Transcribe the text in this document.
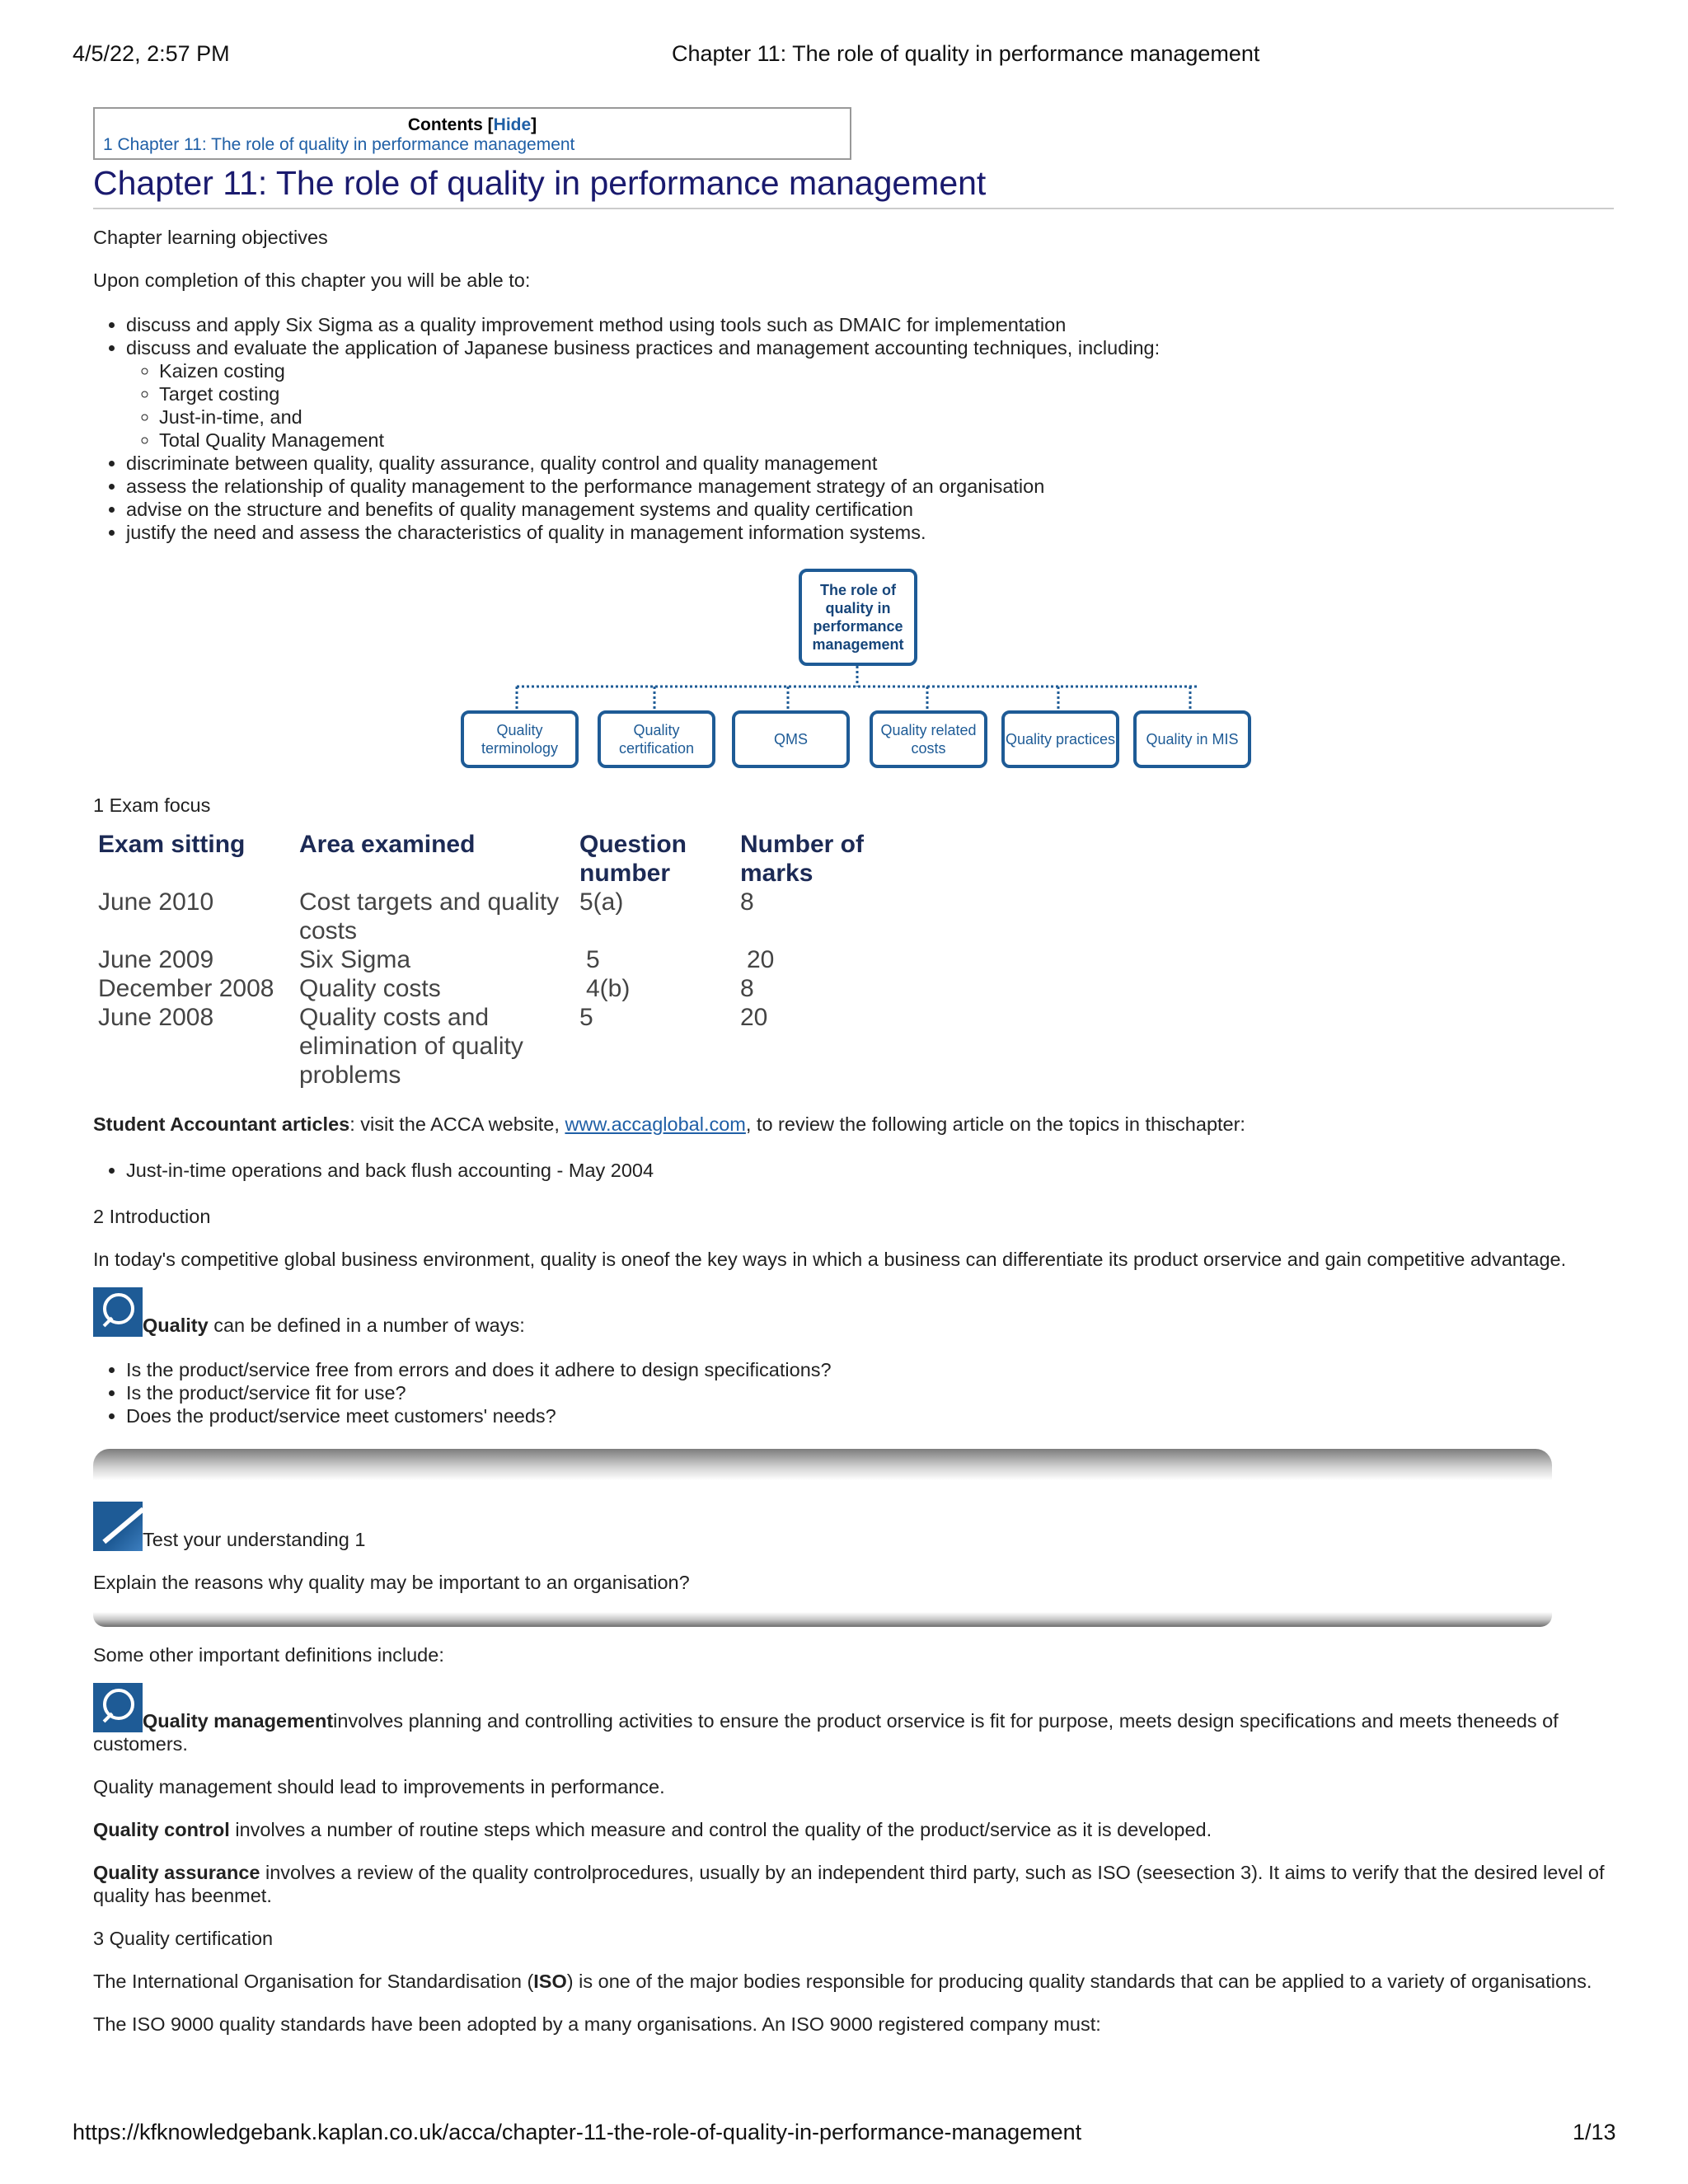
4/5/22, 2:57 PM	Chapter 11: The role of quality in performance management
Contents [Hide]
1 Chapter 11: The role of quality in performance management
Chapter 11: The role of quality in performance management

Chapter learning objectives

Upon completion of this chapter you will be able to:

• discuss and apply Six Sigma as a quality improvement method using tools such as DMAIC for implementation
• discuss and evaluate the application of Japanese business practices and management accounting techniques, including:
◦ Kaizen costing
◦ Target costing
◦ Just-in-time, and
◦ Total Quality Management
• discriminate between quality, quality assurance, quality control and quality management
• assess the relationship of quality management to the performance management strategy of an organisation
• advise on the structure and benefits of quality management systems and quality certification
• justify the need and assess the characteristics of quality in management information systems.
The role of quality in performance management
Quality terminology
Quality certification
QMS
Quality related costs
Quality practices	Quality in MIS

1 Exam focus

Exam sitting	Area examined	Question number	Number of marks
June 2010	Cost targets and quality costs	5(a)	8
June 2009	Six Sigma	5	20
December 2008	Quality costs	4(b)	8
June 2008	Quality costs and elimination of quality problems	5	20

Student Accountant articles: visit the ACCA website, www.accaglobal.com, to review the following article on the topics in thischapter:

• Just-in-time operations and back flush accounting - May 2004

2 Introduction

In today's competitive global business environment, quality is oneof the key ways in which a business can differentiate its product orservice and gain competitive advantage.

Quality can be defined in a number of ways:

• Is the product/service free from errors and does it adhere to design specifications?
• Is the product/service fit for use?
• Does the product/service meet customers' needs?

Test your understanding 1

Explain the reasons why quality may be important to an organisation?

Some other important definitions include:

Quality managementinvolves planning and controlling activities to ensure the product orservice is fit for purpose, meets design specifications and meets theneeds of customers.

Quality management should lead to improvements in performance.

Quality control involves a number of routine steps which measure and control the quality of the product/service as it is developed.

Quality assurance involves a review of the quality controlprocedures, usually by an independent third party, such as ISO (seesection 3). It aims to verify that the desired level of quality has beenmet.

3 Quality certification

The International Organisation for Standardisation (ISO) is one of the major bodies responsible for producing quality standards that can be applied to a variety of organisations.

The ISO 9000 quality standards have been adopted by a many organisations. An ISO 9000 registered company must:

https://kfknowledgebank.kaplan.co.uk/acca/chapter-11-the-role-of-quality-in-performance-management	1/13
